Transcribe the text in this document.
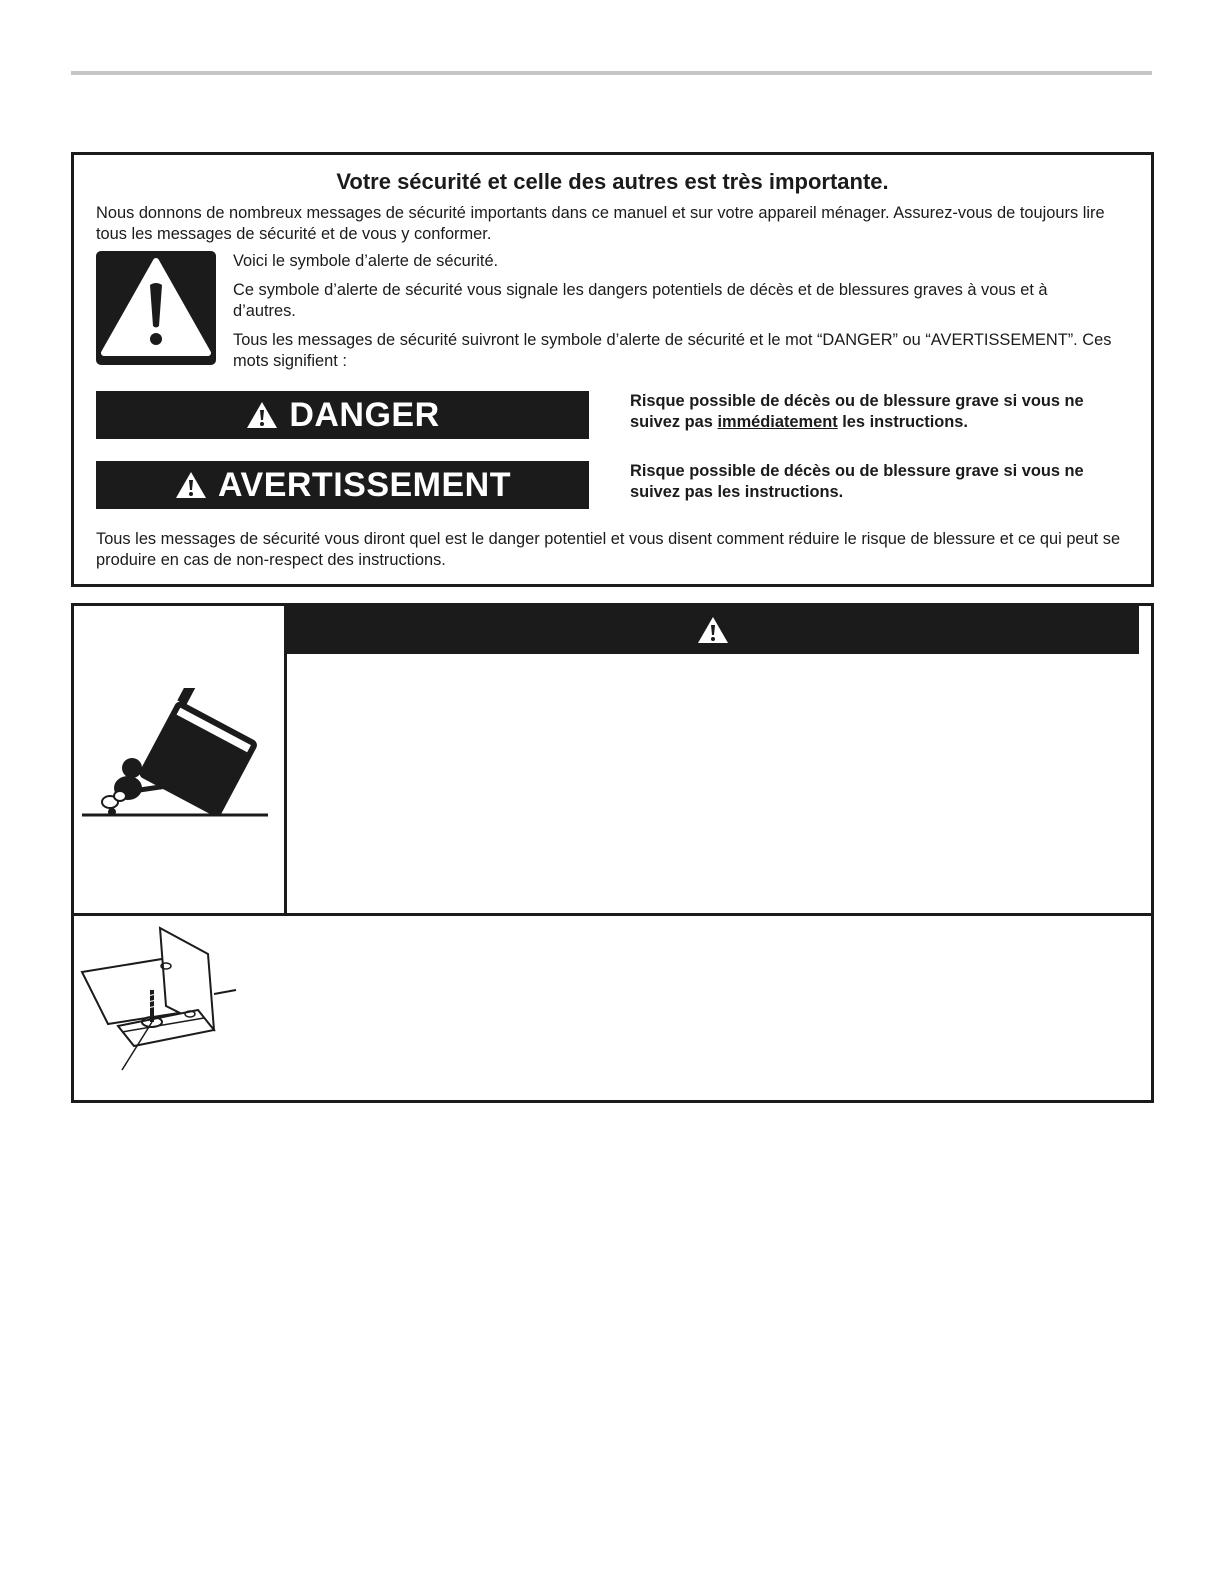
Votre sécurité et celle des autres est très importante.
Nous donnons de nombreux messages de sécurité importants dans ce manuel et sur votre appareil ménager. Assurez-vous de toujours lire tous les messages de sécurité et de vous y conformer.

Voici le symbole d’alerte de sécurité.

Ce symbole d’alerte de sécurité vous signale les dangers potentiels de décès et de blessures graves à vous et à d’autres.

Tous les messages de sécurité suivront le symbole d’alerte de sécurité et le mot “DANGER” ou “AVERTISSEMENT”. Ces mots signifient :

DANGER	Risque possible de décès ou de blessure grave si vous ne suivez pas immédiatement les instructions.
AVERTISSEMENT	Risque possible de décès ou de blessure grave si vous ne suivez pas les instructions.
Tous les messages de sécurité vous diront quel est le danger potentiel et vous disent comment réduire le risque de blessure et ce qui peut se produire en cas de non-respect des instructions.
